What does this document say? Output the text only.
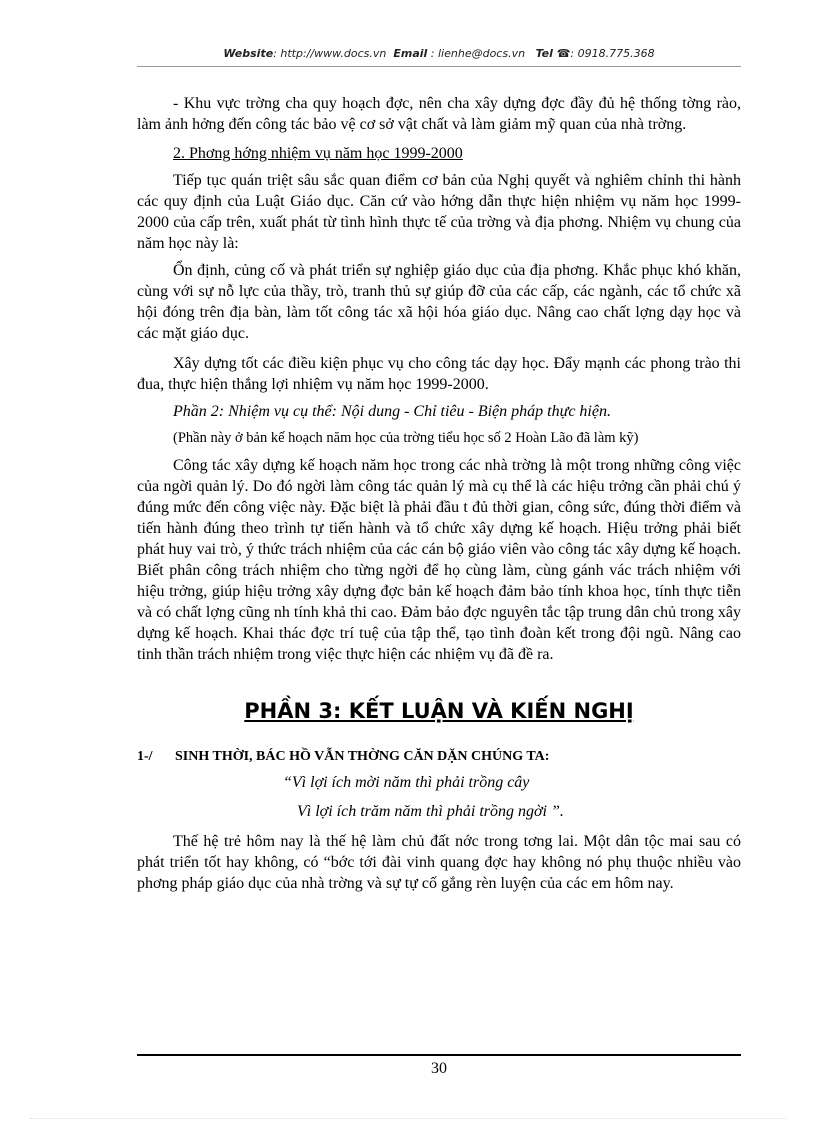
Website: http://www.docs.vn Email : lienhe@docs.vn Tel ☎: 0918.775.368

- Khu vực trờng cha quy hoạch đợc, nên cha xây dựng đợc đầy đủ hệ thống tờng rào, làm ảnh hởng đến công tác bảo vệ cơ sở vật chất và làm giảm mỹ quan của nhà trờng.

2. Phơng hớng nhiệm vụ năm học 1999-2000

Tiếp tục quán triệt sâu sắc quan điểm cơ bản của Nghị quyết và nghiêm chỉnh thi hành các quy định của Luật Giáo dục. Căn cứ vào hớng dẫn thực hiện nhiệm vụ năm học 1999-2000 của cấp trên, xuất phát từ tình hình thực tế của trờng và địa phơng. Nhiệm vụ chung của năm học này là:

Ổn định, củng cố và phát triển sự nghiệp giáo dục của địa phơng. Khắc phục khó khăn, cùng với sự nỗ lực của thầy, trò, tranh thủ sự giúp đỡ của các cấp, các ngành, các tổ chức xã hội đóng trên địa bàn, làm tốt công tác xã hội hóa giáo dục. Nâng cao chất lợng dạy học và các mặt giáo dục.

Xây dựng tốt các điều kiện phục vụ cho công tác dạy học. Đẩy mạnh các phong trào thi đua, thực hiện thắng lợi nhiệm vụ năm học 1999-2000.

Phần 2: Nhiệm vụ cụ thể: Nội dung - Chỉ tiêu - Biện pháp thực hiện.

(Phần này ở bản kế hoạch năm học của trờng tiểu học số 2 Hoàn Lão đã làm kỹ)

Công tác xây dựng kế hoạch năm học trong các nhà trờng là một trong những công việc của ngời quản lý. Do đó ngời làm công tác quản lý mà cụ thể là các hiệu trởng cần phải chú ý đúng mức đến công việc này. Đặc biệt là phải đầu t đủ thời gian, công sức, đúng thời điểm và tiến hành đúng theo trình tự tiến hành và tổ chức xây dựng kế hoạch. Hiệu trởng phải biết phát huy vai trò, ý thức trách nhiệm của các cán bộ giáo viên vào công tác xây dựng kế hoạch. Biết phân công trách nhiệm cho từng ngời để họ cùng làm, cùng gánh vác trách nhiệm với hiệu trởng, giúp hiệu trởng xây dựng đợc bản kế hoạch đảm bảo tính khoa học, tính thực tiễn và có chất lợng cũng nh tính khả thi cao. Đảm bảo đợc nguyên tắc tập trung dân chủ trong xây dựng kế hoạch. Khai thác đợc trí tuệ của tập thể, tạo tình đoàn kết trong đội ngũ. Nâng cao tinh thần trách nhiệm trong việc thực hiện các nhiệm vụ đã đề ra.

PHẦN 3: KẾT LUẬN VÀ KIẾN NGHỊ
1-/ SINH THỜI, BÁC HỒ VẪN THỜNG CĂN DẶN CHÚNG TA:

“Vì lợi ích mời năm thì phải trồng cây

Vì lợi ích trăm năm thì phải trồng ngời ”.

Thế hệ trẻ hôm nay là thế hệ làm chủ đất nớc trong tơng lai. Một dân tộc mai sau có phát triển tốt hay không, có “bớc tới đài vinh quang đợc hay không nó phụ thuộc nhiều vào phơng pháp giáo dục của nhà trờng và sự tự cố gắng rèn luyện của các em hôm nay.

30
